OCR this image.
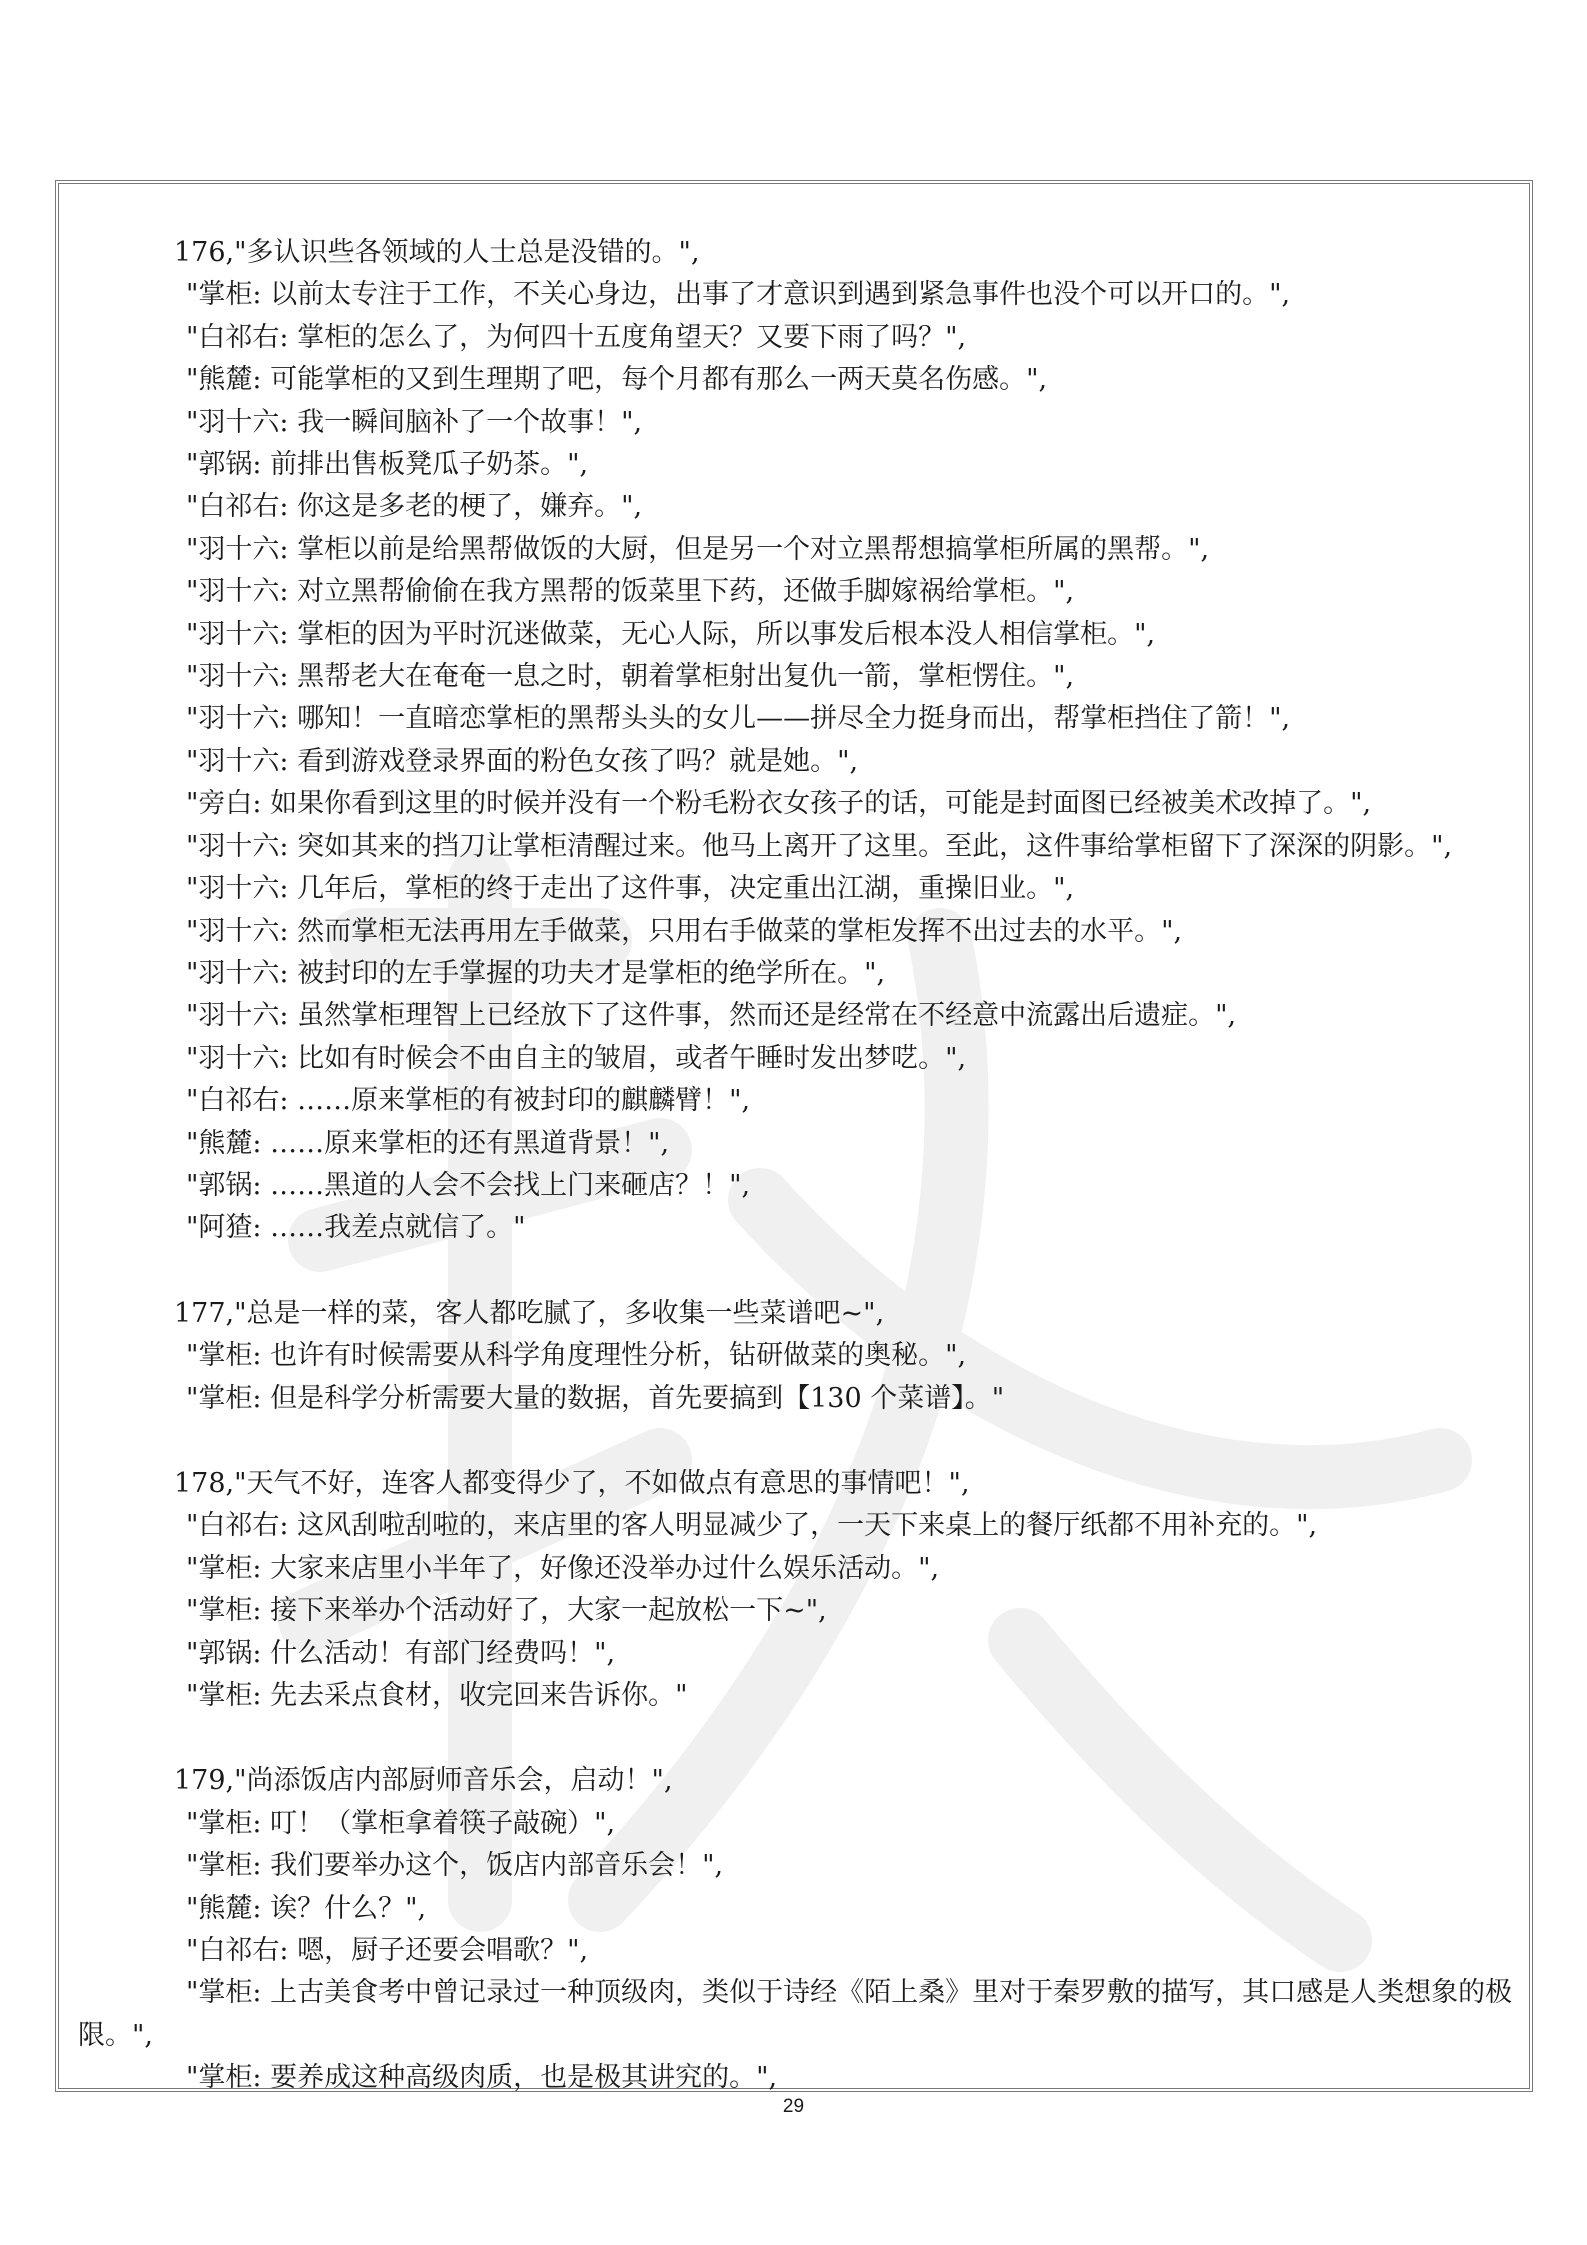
176,"多认识些各领域的人士总是没错的。",
"掌柜: 以前太专注于工作，不关心身边，出事了才意识到遇到紧急事件也没个可以开口的。",
"白祁右: 掌柜的怎么了，为何四十五度角望天？又要下雨了吗？",
"熊麓: 可能掌柜的又到生理期了吧，每个月都有那么一两天莫名伤感。",
"羽十六: 我一瞬间脑补了一个故事！",
"郭锅: 前排出售板凳瓜子奶茶。",
"白祁右: 你这是多老的梗了，嫌弃。",
"羽十六: 掌柜以前是给黑帮做饭的大厨，但是另一个对立黑帮想搞掌柜所属的黑帮。",
"羽十六: 对立黑帮偷偷在我方黑帮的饭菜里下药，还做手脚嫁祸给掌柜。",
"羽十六: 掌柜的因为平时沉迷做菜，无心人际，所以事发后根本没人相信掌柜。",
"羽十六: 黑帮老大在奄奄一息之时，朝着掌柜射出复仇一箭，掌柜愣住。",
"羽十六: 哪知！一直暗恋掌柜的黑帮头头的女儿——拼尽全力挺身而出，帮掌柜挡住了箭！",
"羽十六: 看到游戏登录界面的粉色女孩了吗？就是她。",
"旁白: 如果你看到这里的时候并没有一个粉毛粉衣女孩子的话，可能是封面图已经被美术改掉了。",
"羽十六: 突如其来的挡刀让掌柜清醒过来。他马上离开了这里。至此，这件事给掌柜留下了深深的阴影。",
"羽十六: 几年后，掌柜的终于走出了这件事，决定重出江湖，重操旧业。",
"羽十六: 然而掌柜无法再用左手做菜，只用右手做菜的掌柜发挥不出过去的水平。",
"羽十六: 被封印的左手掌握的功夫才是掌柜的绝学所在。",
"羽十六: 虽然掌柜理智上已经放下了这件事，然而还是经常在不经意中流露出后遗症。",
"羽十六: 比如有时候会不由自主的皱眉，或者午睡时发出梦呓。",
"白祁右: ……原来掌柜的有被封印的麒麟臂！",
"熊麓: ……原来掌柜的还有黑道背景！",
"郭锅: ……黑道的人会不会找上门来砸店？！",
"阿猹: ……我差点就信了。"
177,"总是一样的菜，客人都吃腻了，多收集一些菜谱吧~",
"掌柜: 也许有时候需要从科学角度理性分析，钻研做菜的奥秘。",
"掌柜: 但是科学分析需要大量的数据，首先要搞到【130 个菜谱】。"
178,"天气不好，连客人都变得少了，不如做点有意思的事情吧！",
"白祁右: 这风刮啦刮啦的，来店里的客人明显减少了，一天下来桌上的餐厅纸都不用补充的。",
"掌柜: 大家来店里小半年了，好像还没举办过什么娱乐活动。",
"掌柜: 接下来举办个活动好了，大家一起放松一下~",
"郭锅: 什么活动！有部门经费吗！",
"掌柜: 先去采点食材，收完回来告诉你。"
179,"尚添饭店内部厨师音乐会，启动！",
"掌柜: 叮！（掌柜拿着筷子敲碗）",
"掌柜: 我们要举办这个，饭店内部音乐会！",
"熊麓: 诶？什么？",
"白祁右: 嗯，厨子还要会唱歌？",
"掌柜: 上古美食考中曾记录过一种顶级肉，类似于诗经《陌上桑》里对于秦罗敷的描写，其口感是人类想象的极限。",
"掌柜: 要养成这种高级肉质，也是极其讲究的。",
29
